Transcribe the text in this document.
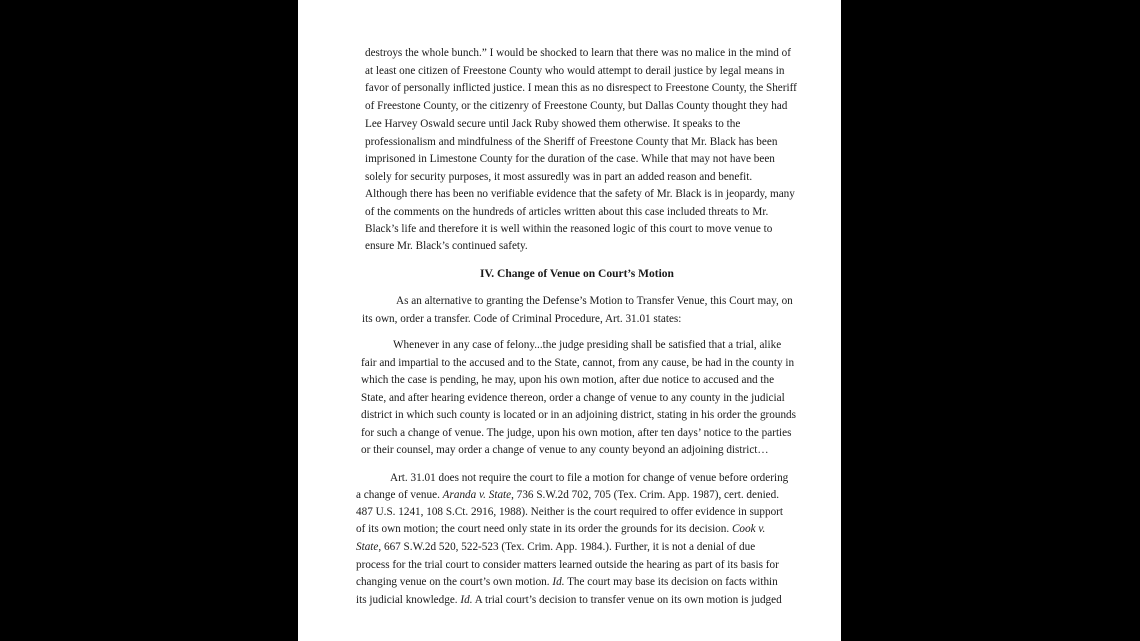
destroys the whole bunch.” I would be shocked to learn that there was no malice in the mind of
at least one citizen of Freestone County who would attempt to derail justice by legal means in
favor of personally inflicted justice. I mean this as no disrespect to Freestone County, the Sheriff
of Freestone County, or the citizenry of Freestone County, but Dallas County thought they had
Lee Harvey Oswald secure until Jack Ruby showed them otherwise. It speaks to the
professionalism and mindfulness of the Sheriff of Freestone County that Mr. Black has been
imprisoned in Limestone County for the duration of the case. While that may not have been
solely for security purposes, it most assuredly was in part an added reason and benefit.
Although there has been no verifiable evidence that the safety of Mr. Black is in jeopardy, many
of the comments on the hundreds of articles written about this case included threats to Mr.
Black’s life and therefore it is well within the reasoned logic of this court to move venue to
ensure Mr. Black’s continued safety.
IV. Change of Venue on Court’s Motion
As an alternative to granting the Defense’s Motion to Transfer Venue, this Court may, on
its own, order a transfer. Code of Criminal Procedure, Art. 31.01 states:
Whenever in any case of felony...the judge presiding shall be satisfied that a trial, alike
fair and impartial to the accused and to the State, cannot, from any cause, be had in the county in
which the case is pending, he may, upon his own motion, after due notice to accused and the
State, and after hearing evidence thereon, order a change of venue to any county in the judicial
district in which such county is located or in an adjoining district, stating in his order the grounds
for such a change of venue. The judge, upon his own motion, after ten days’ notice to the parties
or their counsel, may order a change of venue to any county beyond an adjoining district…
Art. 31.01 does not require the court to file a motion for change of venue before ordering
a change of venue. Aranda v. State, 736 S.W.2d 702, 705 (Tex. Crim. App. 1987), cert. denied.
487 U.S. 1241, 108 S.Ct. 2916, 1988). Neither is the court required to offer evidence in support
of its own motion; the court need only state in its order the grounds for its decision. Cook v.
State, 667 S.W.2d 520, 522-523 (Tex. Crim. App. 1984.). Further, it is not a denial of due
process for the trial court to consider matters learned outside the hearing as part of its basis for
changing venue on the court’s own motion. Id. The court may base its decision on facts within
its judicial knowledge. Id. A trial court’s decision to transfer venue on its own motion is judged
